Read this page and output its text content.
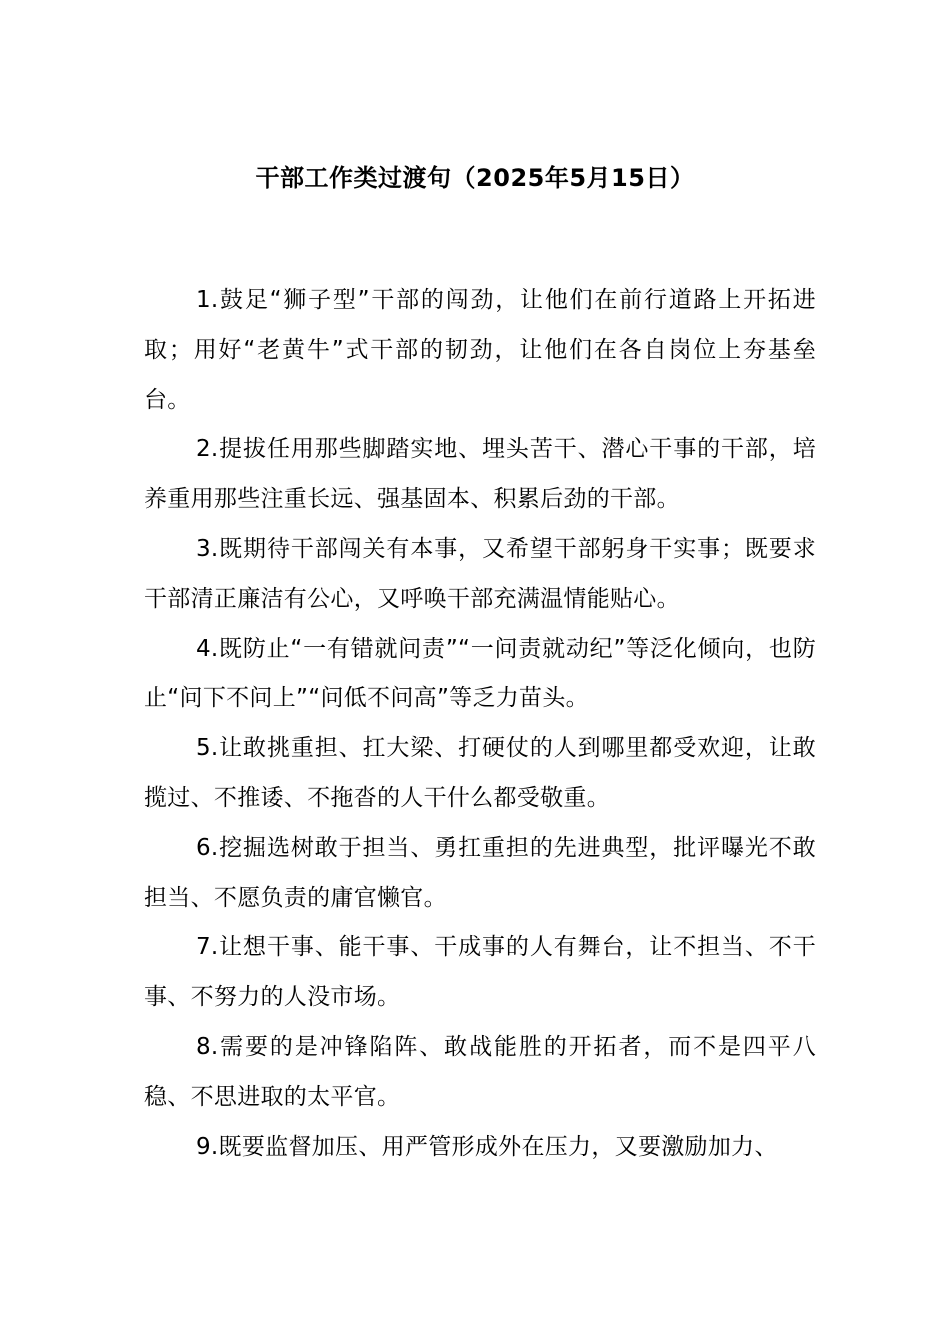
干部工作类过渡句（2025年5月15日）

1.鼓足“狮子型”干部的闯劲，让他们在前行道路上开拓进取；用好“老黄牛”式干部的韧劲，让他们在各自岗位上夯基垒台。

2.提拔任用那些脚踏实地、埋头苦干、潜心干事的干部，培养重用那些注重长远、强基固本、积累后劲的干部。

3.既期待干部闯关有本事，又希望干部躬身干实事；既要求干部清正廉洁有公心，又呼唤干部充满温情能贴心。

4.既防止“一有错就问责”“一问责就动纪”等泛化倾向，也防止“问下不问上”“问低不问高”等乏力苗头。

5.让敢挑重担、扛大梁、打硬仗的人到哪里都受欢迎，让敢揽过、不推诿、不拖沓的人干什么都受敬重。

6.挖掘选树敢于担当、勇扛重担的先进典型，批评曝光不敢担当、不愿负责的庸官懒官。

7.让想干事、能干事、干成事的人有舞台，让不担当、不干事、不努力的人没市场。

8.需要的是冲锋陷阵、敢战能胜的开拓者，而不是四平八稳、不思进取的太平官。

9.既要监督加压、用严管形成外在压力，又要激励加力、
